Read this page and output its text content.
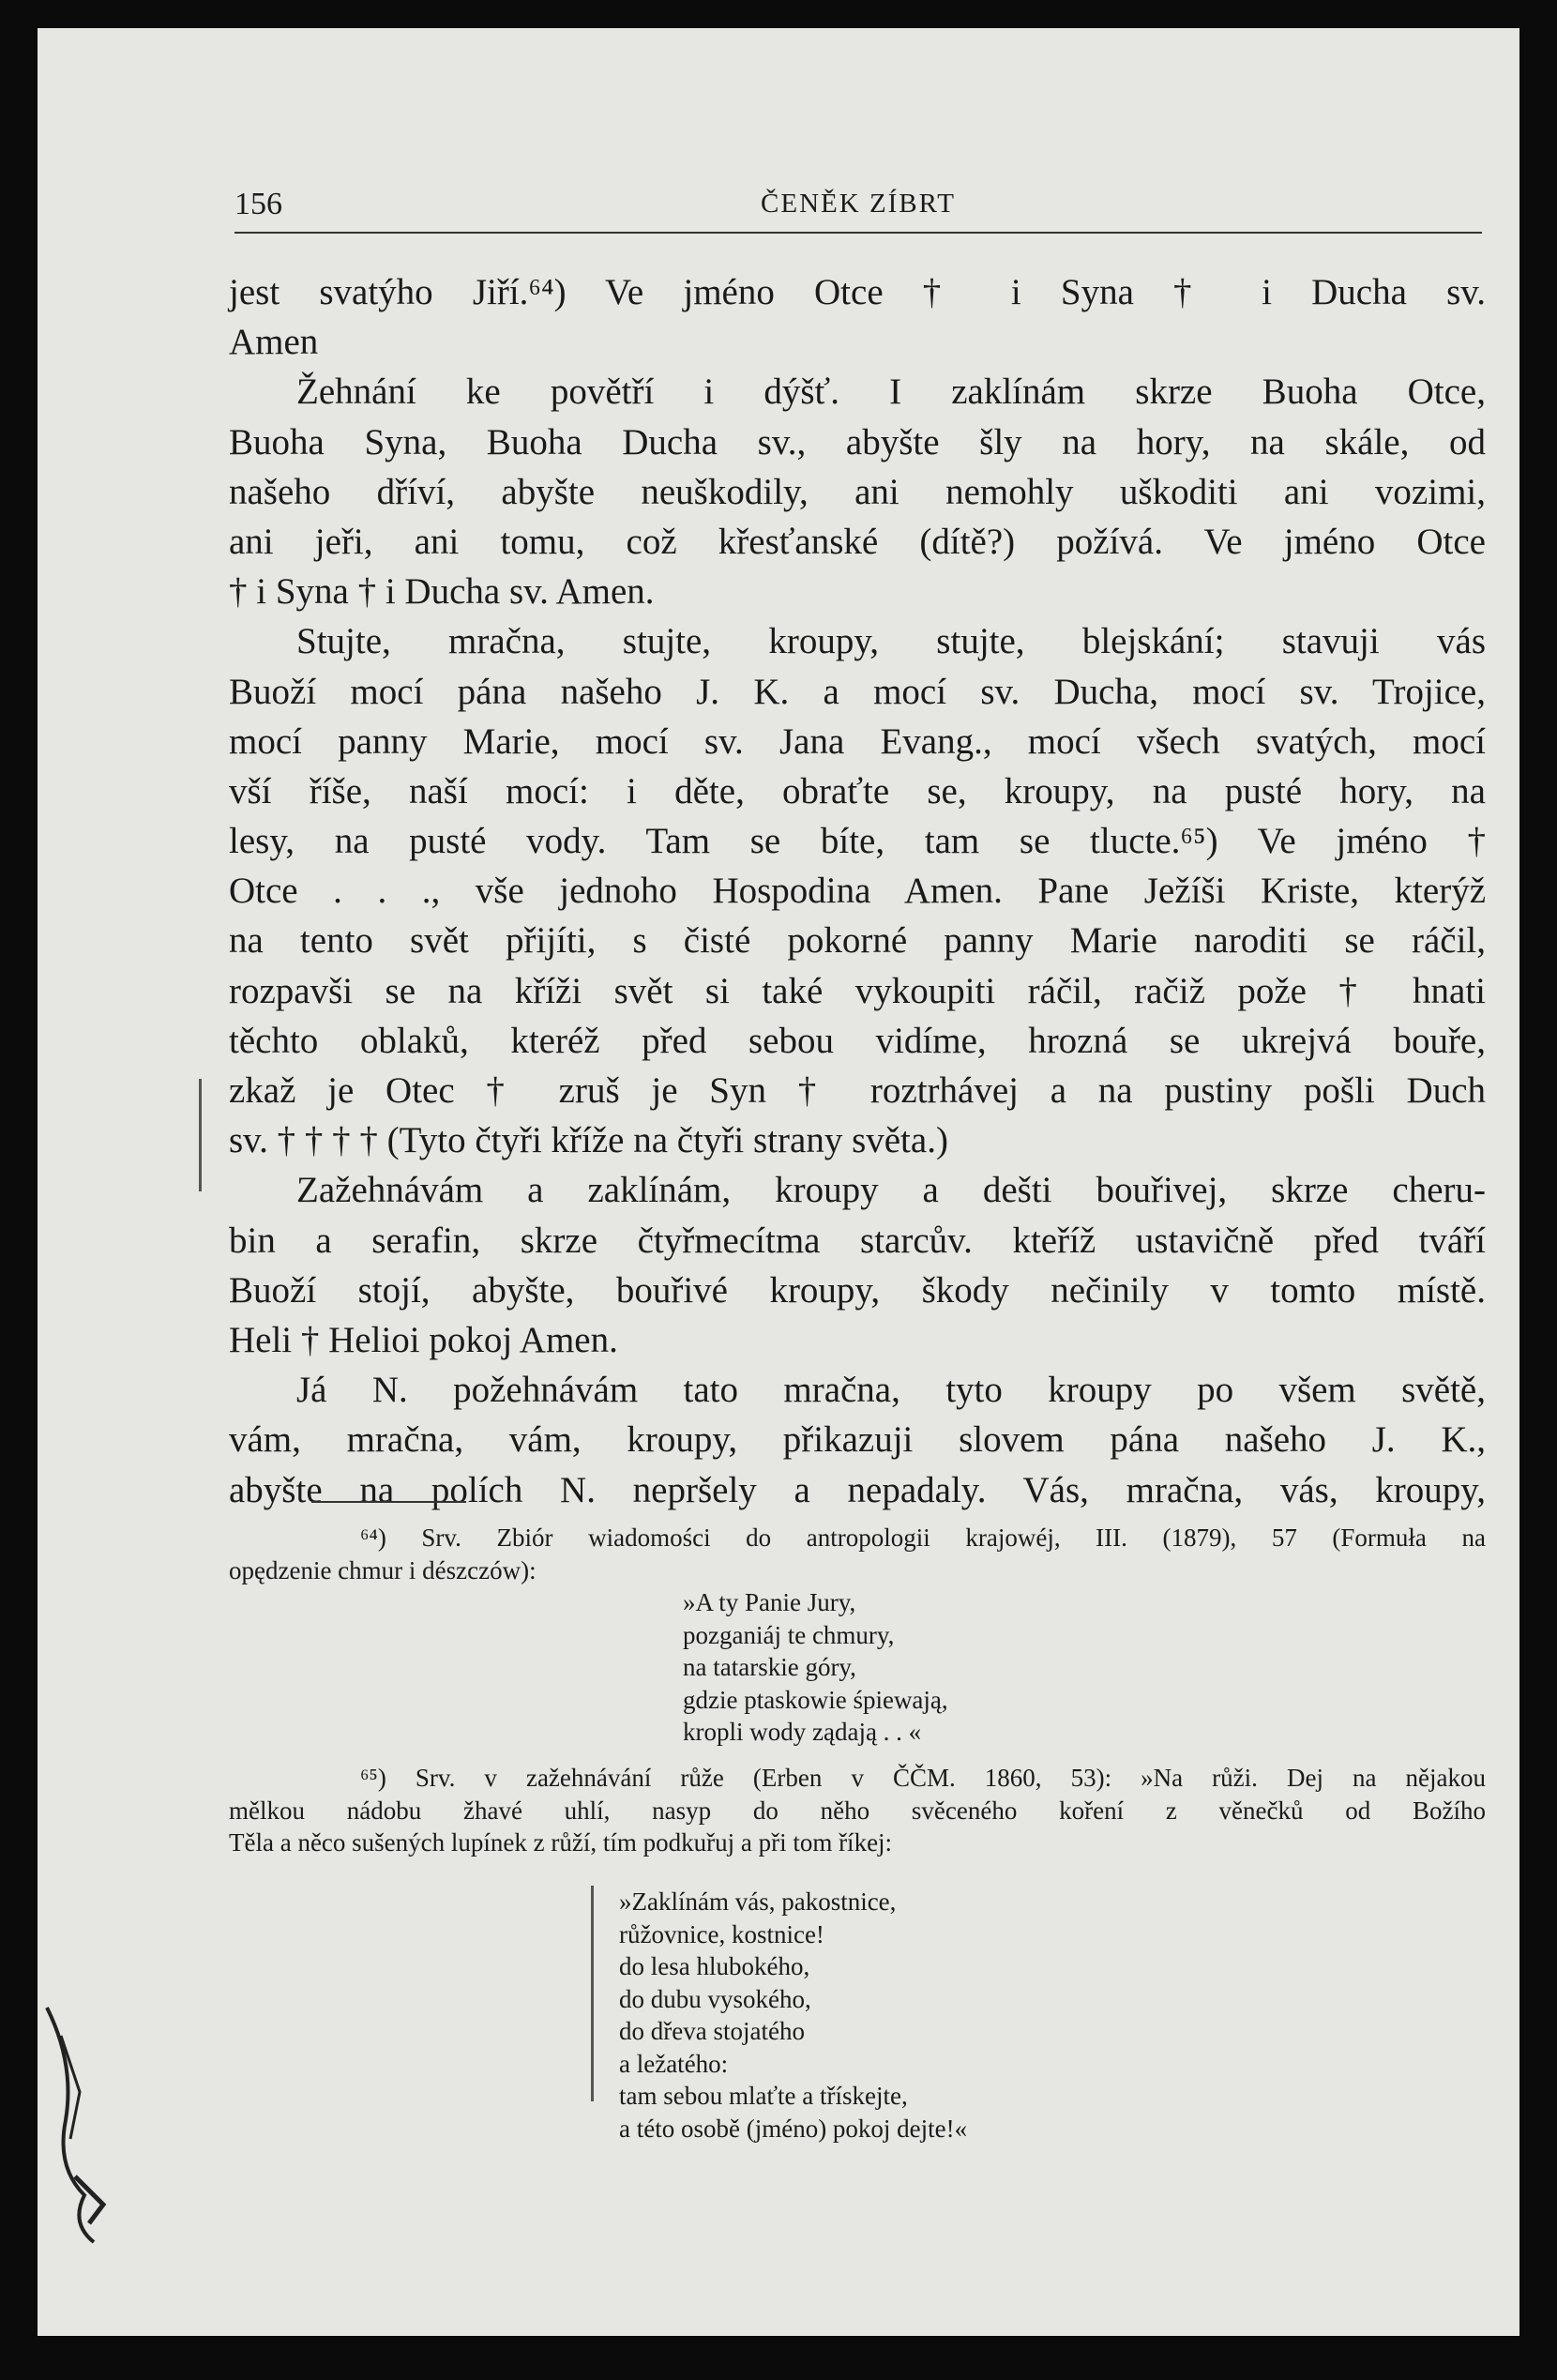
156	ČENĚK ZÍBRT
jest svatýho Jiří.⁶⁴) Ve jméno Otce † i Syna † i Ducha sv.
Amen
Žehnání ke povětří i dýšť. I zaklínám skrze Buoha Otce,
Buoha Syna, Buoha Ducha sv., abyšte šly na hory, na skále, od
našeho dříví, abyšte neuškodily, ani nemohly uškoditi ani vozimi,
ani jeři, ani tomu, což křesťanské (dítě?) požívá. Ve jméno Otce
† i Syna † i Ducha sv. Amen.
Stujte, mračna, stujte, kroupy, stujte, blejskání; stavuji vás
Buoží mocí pána našeho J. K. a mocí sv. Ducha, mocí sv. Trojice,
mocí panny Marie, mocí sv. Jana Evang., mocí všech svatých, mocí
vší říše, naší mocí: i děte, obraťte se, kroupy, na pusté hory, na
lesy, na pusté vody. Tam se bíte, tam se tlucte.⁶⁵) Ve jméno †
Otce . . ., vše jednoho Hospodina Amen. Pane Ježíši Kriste, kterýž
na tento svět přijíti, s čisté pokorné panny Marie naroditi se ráčil,
rozpavši se na kříži svět si také vykoupiti ráčil, račiž pože † hnati
těchto oblaků, kteréž před sebou vidíme, hrozná se ukrejvá bouře,
zkaž je Otec † zruš je Syn † roztrhávej a na pustiny pošli Duch
sv. † † † † (Tyto čtyři kříže na čtyři strany světa.)
Zažehnávám a zaklínám, kroupy a dešti bouřivej, skrze cheru-
bin a serafin, skrze čtyřmecítma starcův. kteříž ustavičně před tváří
Buoží stojí, abyšte, bouřivé kroupy, škody nečinily v tomto místě.
Heli † Helioi pokoj Amen.
Já N. požehnávám tato mračna, tyto kroupy po všem světě,
vám, mračna, vám, kroupy, přikazuji slovem pána našeho J. K.,
abyšte na polích N. nepršely a nepadaly. Vás, mračna, vás, kroupy,
⁶⁴) Srv. Zbiór wiadomości do antropologii krajowéj, III. (1879), 57 (Formuła na
opędzenie chmur i dészczów):
»A ty Panie Jury,
pozganiáj te chmury,
na tatarskie góry,
gdzie ptaskowie śpiewają,
kropli wody ządają . . «
⁶⁵) Srv. v zažehnávání růže (Erben v ČČM. 1860, 53): »Na růži. Dej na nějakou
mělkou nádobu žhavé uhlí, nasyp do něho svěceného koření z věnečků od Božího
Těla a něco sušených lupínek z růží, tím podkuřuj a při tom říkej:
»Zaklínám vás, pakostnice,
růžovnice, kostnice!
do lesa hlubokého,
do dubu vysokého,
do dřeva stojatého
a ležatého:
tam sebou mlaťte a třískejte,
a této osobě (jméno) pokoj dejte!«
